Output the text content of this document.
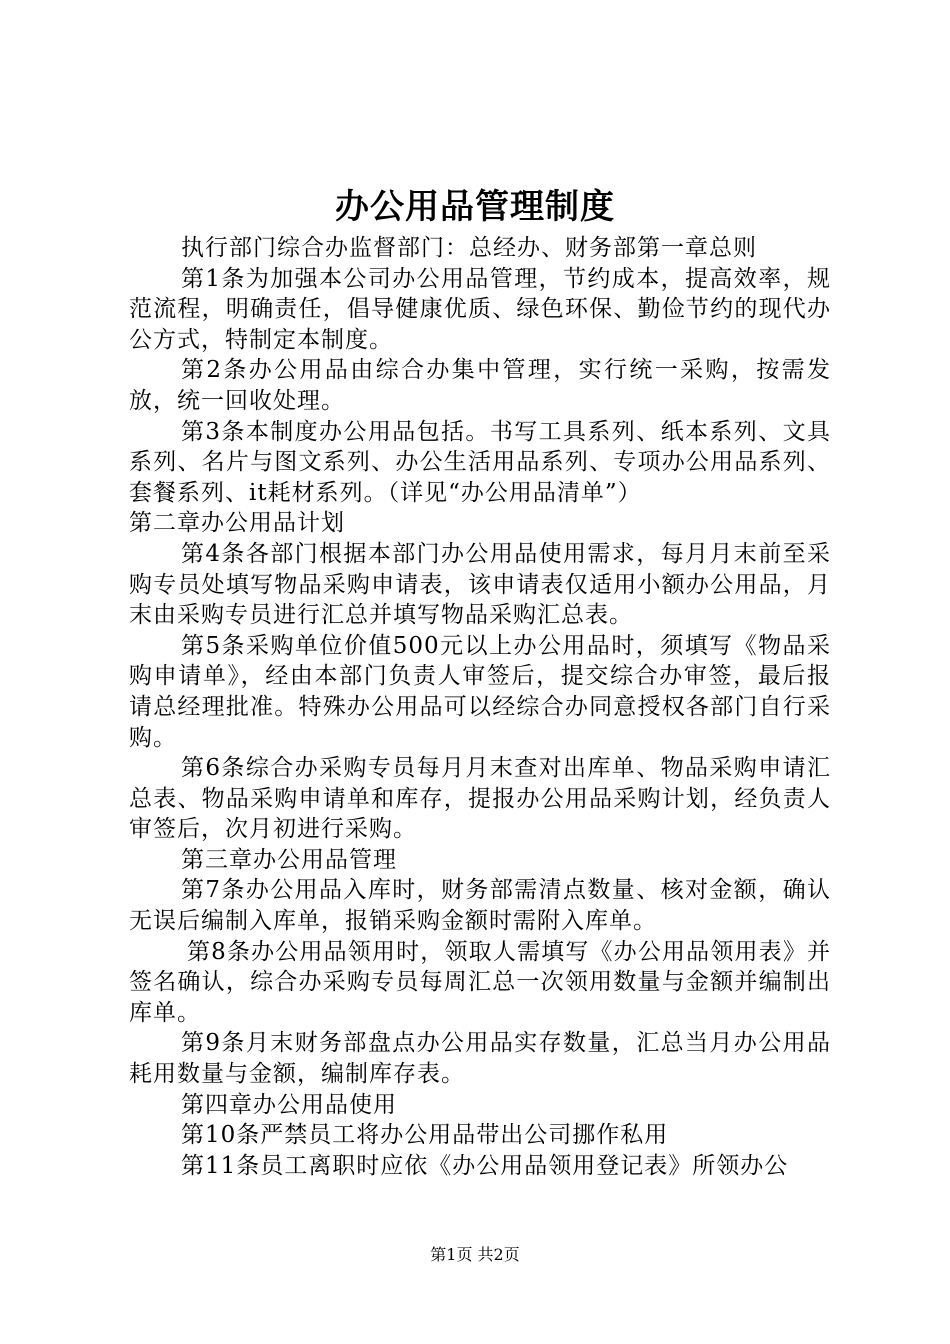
办公用品管理制度

执行部门综合办监督部门：总经办、财务部第一章总则

第1条为加强本公司办公用品管理，节约成本，提高效率，规范流程，明确责任，倡导健康优质、绿色环保、勤俭节约的现代办公方式，特制定本制度。

第2条办公用品由综合办集中管理，实行统一采购，按需发放，统一回收处理。

第3条本制度办公用品包括。书写工具系列、纸本系列、文具系列、名片与图文系列、办公生活用品系列、专项办公用品系列、套餐系列、it耗材系列。（详见“办公用品清单”）

第二章办公用品计划

第4条各部门根据本部门办公用品使用需求，每月月末前至采购专员处填写物品采购申请表，该申请表仅适用小额办公用品，月末由采购专员进行汇总并填写物品采购汇总表。

第5条采购单位价值500元以上办公用品时，须填写《物品采购申请单》，经由本部门负责人审签后，提交综合办审签，最后报请总经理批准。特殊办公用品可以经综合办同意授权各部门自行采购。

第6条综合办采购专员每月月末查对出库单、物品采购申请汇总表、物品采购申请单和库存，提报办公用品采购计划，经负责人审签后，次月初进行采购。

第三章办公用品管理

第7条办公用品入库时，财务部需清点数量、核对金额，确认无误后编制入库单，报销采购金额时需附入库单。

第8条办公用品领用时，领取人需填写《办公用品领用表》并签名确认，综合办采购专员每周汇总一次领用数量与金额并编制出库单。

第9条月末财务部盘点办公用品实存数量，汇总当月办公用品耗用数量与金额，编制库存表。

第四章办公用品使用

第10条严禁员工将办公用品带出公司挪作私用

第11条员工离职时应依《办公用品领用登记表》所领办公

第1页 共2页
